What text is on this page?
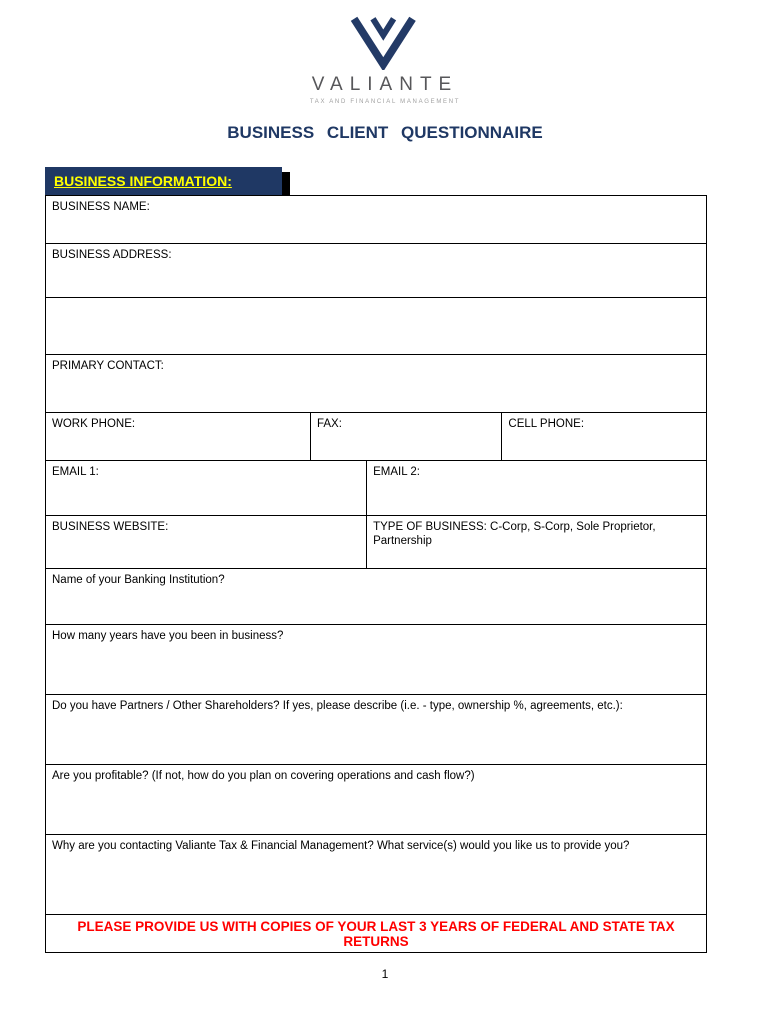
VALIANTE
TAX AND FINANCIAL MANAGEMENT
BUSINESS CLIENT QUESTIONNAIRE
BUSINESS INFORMATION:
BUSINESS NAME:
BUSINESS ADDRESS:
PRIMARY CONTACT:
WORK PHONE:	FAX:	CELL PHONE:
EMAIL 1:	EMAIL 2:
BUSINESS WEBSITE:	TYPE OF BUSINESS: C-Corp, S-Corp, Sole Proprietor, Partnership
Name of your Banking Institution?
How many years have you been in business?
Do you have Partners / Other Shareholders? If yes, please describe (i.e. - type, ownership %, agreements, etc.):
Are you profitable? (If not, how do you plan on covering operations and cash flow?)
Why are you contacting Valiante Tax & Financial Management? What service(s) would you like us to provide you?
PLEASE PROVIDE US WITH COPIES OF YOUR LAST 3 YEARS OF FEDERAL AND STATE TAX RETURNS
1
